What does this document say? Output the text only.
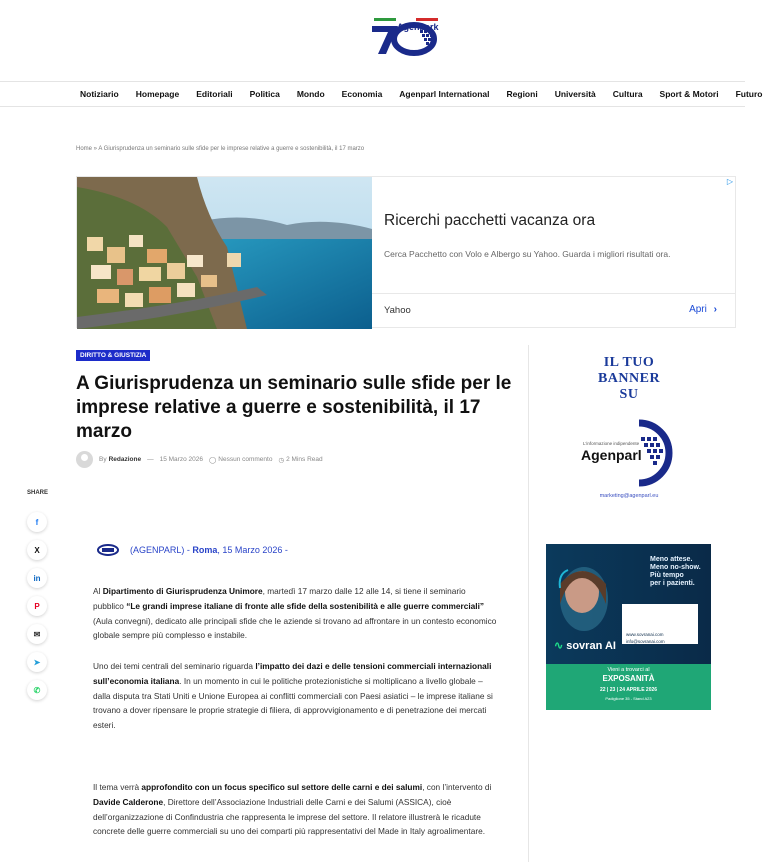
Agenpark
Notiziario Homepage Editoriali Politica Mondo Economia Agenparl International Regioni Università Cultura Sport & Motori Futuro
Home » A Giurisprudenza un seminario sulle sfide per le imprese relative a guerre e sostenibilità, il 17 marzo
▷
Ricerchi pacchetti vacanza ora
Cerca Pacchetto con Volo e Albergo su Yahoo. Guarda i migliori risultati ora.
Yahoo	Apri ›
DIRITTO & GIUSTIZIA
A Giurisprudenza un seminario sulle sfide per le imprese relative a guerre e sostenibilità, il 17 marzo
By Redazione — 15 Marzo 2026 ◯ Nessun commento ◷ 2 Mins Read
SHARE
f
X
in
P
✉
➤
✆
(AGENPARL) - Roma , 15 Marzo 2026 -

Al Dipartimento di Giurisprudenza Unimore, martedì 17 marzo dalle 12 alle 14, si tiene il seminario pubblico “Le grandi imprese italiane di fronte alle sfide della sostenibilità e alle guerre commerciali” (Aula convegni), dedicato alle principali sfide che le aziende si trovano ad affrontare in un contesto economico globale sempre più complesso e instabile.

Uno dei temi centrali del seminario riguarda l’impatto dei dazi e delle tensioni commerciali internazionali sull’economia italiana. In un momento in cui le politiche protezionistiche si moltiplicano a livello globale – dalla disputa tra Stati Uniti e Unione Europea ai conflitti commerciali con Paesi asiatici – le imprese italiane si trovano a dover ripensare le proprie strategie di filiera, di approvvigionamento e di penetrazione dei mercati esteri.

Il tema verrà approfondito con un focus specifico sul settore delle carni e dei salumi, con l’intervento di Davide Calderone, Direttore dell’Associazione Industriali delle Carni e dei Salumi (ASSICA), cioè dell’organizzazione di Confindustria che rappresenta le imprese del settore. Il relatore illustrerà le ricadute concrete delle guerre commerciali su uno dei comparti più rappresentativi del Made in Italy agroalimentare.

IL TUO
BANNER
SU
L'informazione indipendente
Agenparl
marketing@agenparl.eu
Meno attese.
Meno no-show.
Più tempo
per i pazienti.
∿ sovran AI
www.sovranai.com
info@sovranai.com
Vieni a trovarci al
EXPOSANITÀ
22 | 23 | 24 APRILE 2026
Padiglione 35 - Stand A23
